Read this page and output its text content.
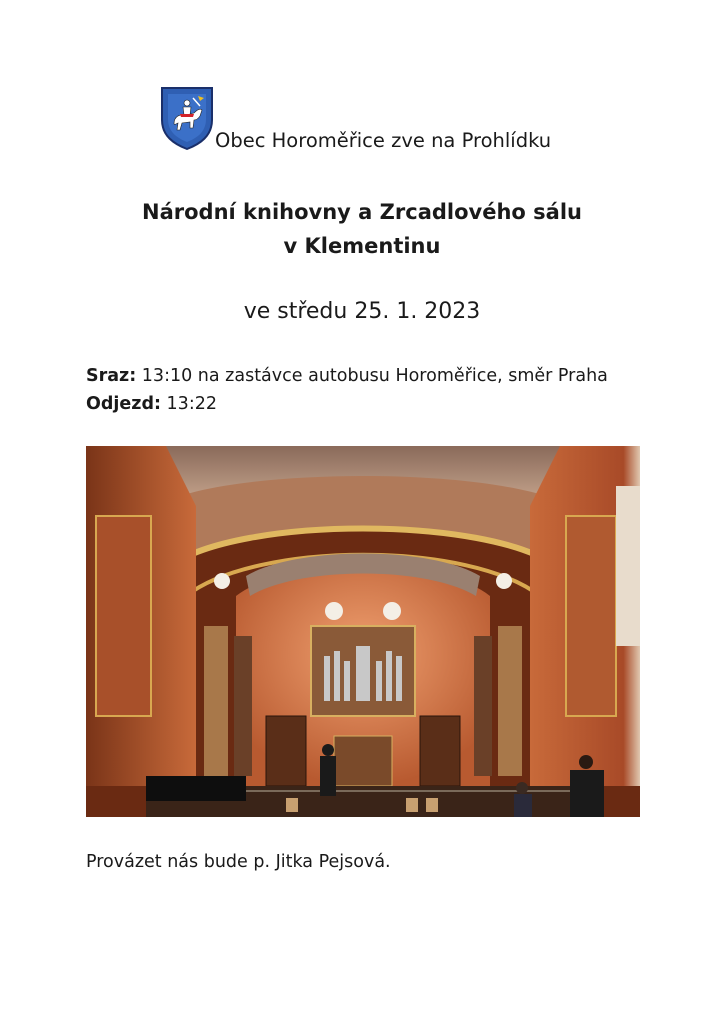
Obec Horoměřice zve na Prohlídku
Národní knihovny a Zrcadlového sálu
v Klementinu
ve středu 25. 1. 2023
Sraz: 13:10 na zastávce autobusu Horoměřice, směr Praha
Odjezd: 13:22
Provázet nás bude p. Jitka Pejsová.
